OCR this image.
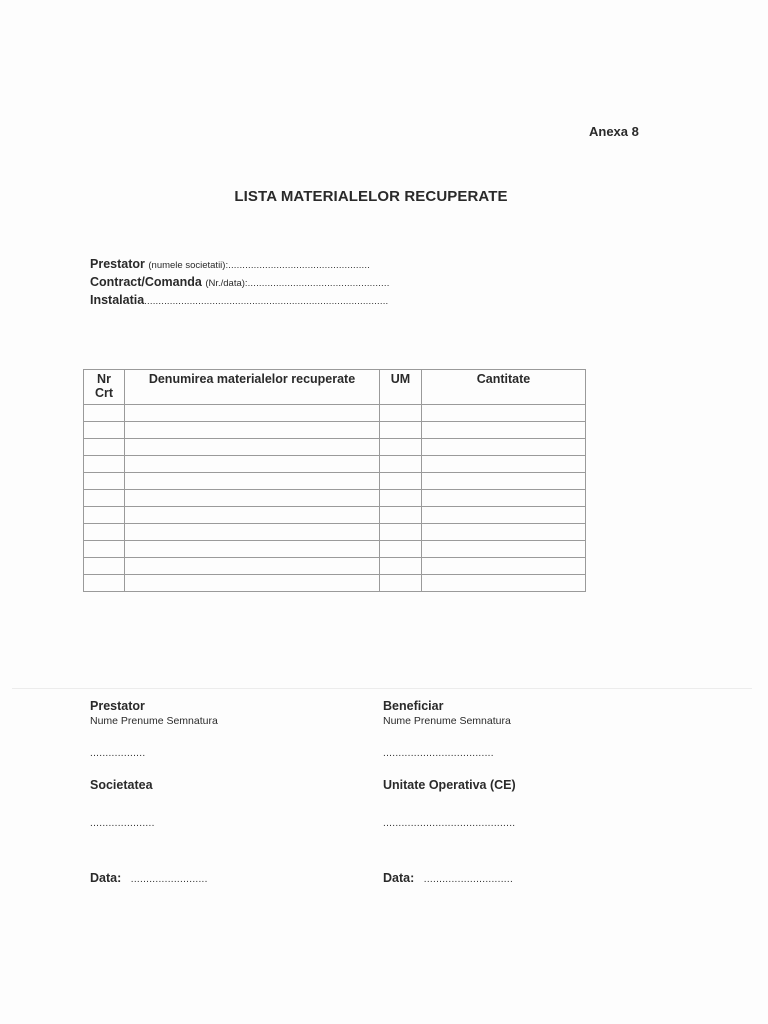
Anexa 8
LISTA MATERIALELOR RECUPERATE
Prestator (numele societatii):..................................................
Contract/Comanda (Nr./data):..................................................
Instalatia......................................................................................
Nr
Crt	Denumirea materialelor recuperate	UM	Cantitate

Prestator
Nume Prenume Semnatura
..................
Societatea
.....................
Data: .........................
Beneficiar
Nume Prenume Semnatura
....................................
Unitate Operativa (CE)
...........................................
Data: .............................
